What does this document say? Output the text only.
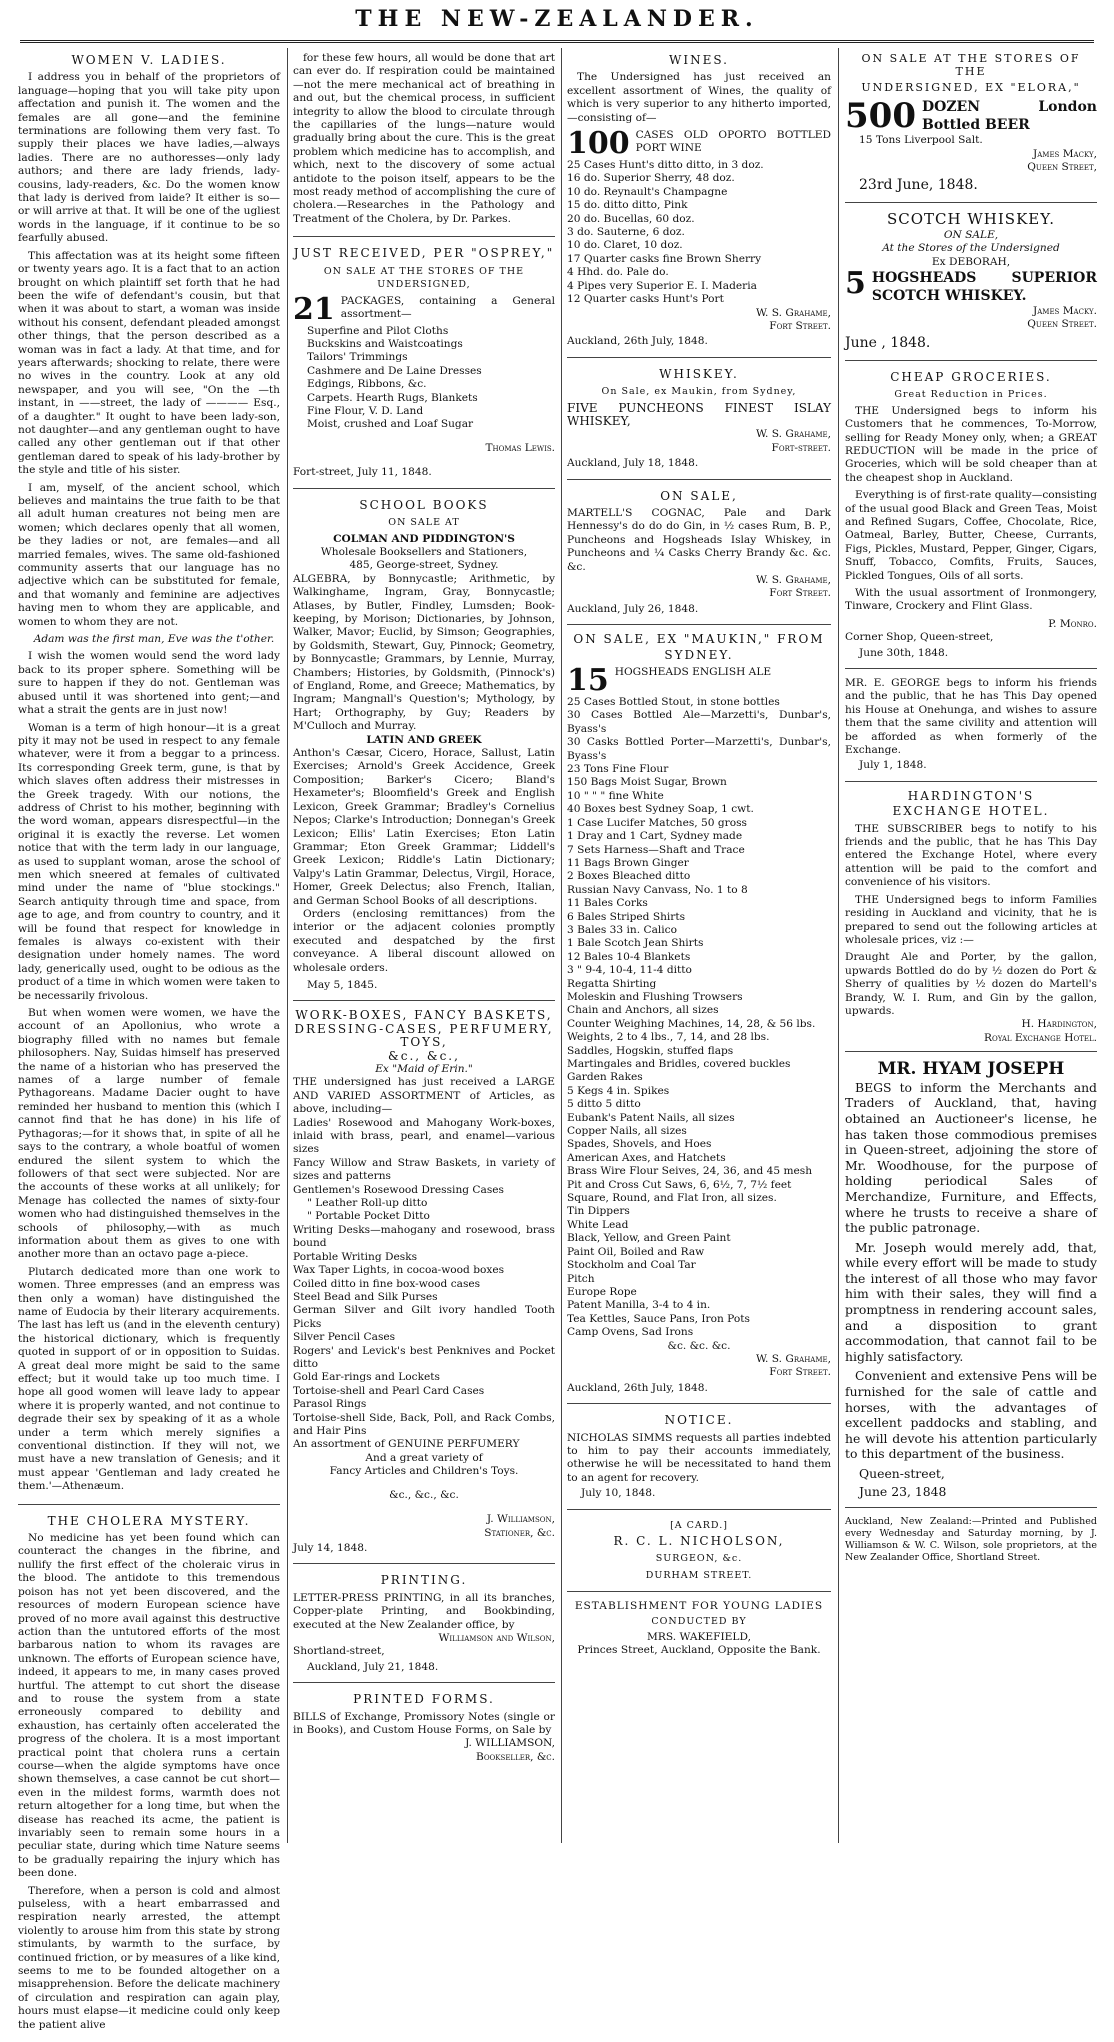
THE NEW-ZEALANDER.
WOMEN V. LADIES.

I address you in behalf of the proprietors of language—hoping that you will take pity upon affectation and punish it. The women and the females are all gone—and the feminine terminations are following them very fast. To supply their places we have ladies,—always ladies. There are no authoresses—only lady authors; and there are lady friends, lady-cousins, lady-readers, &c. Do the women know that lady is derived from laide? It either is so—or will arrive at that. It will be one of the ugliest words in the language, if it continue to be so fearfully abused.

This affectation was at its height some fifteen or twenty years ago. It is a fact that to an action brought on which plaintiff set forth that he had been the wife of defendant's cousin, but that when it was about to start, a woman was inside without his consent, defendant pleaded amongst other things, that the person described as a woman was in fact a lady. At that time, and for years afterwards; shocking to relate, there were no wives in the country. Look at any old newspaper, and you will see, "On the —th instant, in ——street, the lady of ———— Esq., of a daughter." It ought to have been lady-son, not daughter—and any gentleman ought to have called any other gentleman out if that other gentleman dared to speak of his lady-brother by the style and title of his sister.

I am, myself, of the ancient school, which believes and maintains the true faith to be that all adult human creatures not being men are women; which declares openly that all women, be they ladies or not, are females—and all married females, wives. The same old-fashioned community asserts that our language has no adjective which can be substituted for female, and that womanly and feminine are adjectives having men to whom they are applicable, and women to whom they are not.

Adam was the first man, Eve was the t'other.

I wish the women would send the word lady back to its proper sphere. Something will be sure to happen if they do not. Gentleman was abused until it was shortened into gent;—and what a strait the gents are in just now!

Woman is a term of high honour—it is a great pity it may not be used in respect to any female whatever, were it from a beggar to a princess. Its corresponding Greek term, gune, is that by which slaves often address their mistresses in the Greek tragedy. With our notions, the address of Christ to his mother, beginning with the word woman, appears disrespectful—in the original it is exactly the reverse. Let women notice that with the term lady in our language, as used to supplant woman, arose the school of men which sneered at females of cultivated mind under the name of "blue stockings." Search antiquity through time and space, from age to age, and from country to country, and it will be found that respect for knowledge in females is always co-existent with their designation under homely names. The word lady, generically used, ought to be odious as the product of a time in which women were taken to be necessarily frivolous.

But when women were women, we have the account of an Apollonius, who wrote a biography filled with no names but female philosophers. Nay, Suidas himself has preserved the name of a historian who has preserved the names of a large number of female Pythagoreans. Madame Dacier ought to have reminded her husband to mention this (which I cannot find that he has done) in his life of Pythagoras;—for it shows that, in spite of all he says to the contrary, a whole boatful of women endured the silent system to which the followers of that sect were subjected. Nor are the accounts of these works at all unlikely; for Menage has collected the names of sixty-four women who had distinguished themselves in the schools of philosophy,—with as much information about them as gives to one with another more than an octavo page a-piece.

Plutarch dedicated more than one work to women. Three empresses (and an empress was then only a woman) have distinguished the name of Eudocia by their literary acquirements. The last has left us (and in the eleventh century) the historical dictionary, which is frequently quoted in support of or in opposition to Suidas. A great deal more might be said to the same effect; but it would take up too much time. I hope all good women will leave lady to appear where it is properly wanted, and not continue to degrade their sex by speaking of it as a whole under a term which merely signifies a conventional distinction. If they will not, we must have a new translation of Genesis; and it must appear 'Gentleman and lady created he them.'—Athenæum.

THE CHOLERA MYSTERY.

No medicine has yet been found which can counteract the changes in the fibrine, and nullify the first effect of the choleraic virus in the blood. The antidote to this tremendous poison has not yet been discovered, and the resources of modern European science have proved of no more avail against this destructive action than the untutored efforts of the most barbarous nation to whom its ravages are unknown. The efforts of European science have, indeed, it appears to me, in many cases proved hurtful. The attempt to cut short the disease and to rouse the system from a state erroneously compared to debility and exhaustion, has certainly often accelerated the progress of the cholera. It is a most important practical point that cholera runs a certain course—when the algide symptoms have once shown themselves, a case cannot be cut short—even in the mildest forms, warmth does not return altogether for a long time, but when the disease has reached its acme, the patient is invariably seen to remain some hours in a peculiar state, during which time Nature seems to be gradually repairing the injury which has been done.

Therefore, when a person is cold and almost pulseless, with a heart embarrassed and respiration nearly arrested, the attempt violently to arouse him from this state by strong stimulants, by warmth to the surface, by continued friction, or by measures of a like kind, seems to me to be founded altogether on a misapprehension. Before the delicate machinery of circulation and respiration can again play, hours must elapse—it medicine could only keep the patient alive

for these few hours, all would be done that art can ever do. If respiration could be maintained—not the mere mechanical act of breathing in and out, but the chemical process, in sufficient integrity to allow the blood to circulate through the capillaries of the lungs—nature would gradually bring about the cure. This is the great problem which medicine has to accomplish, and which, next to the discovery of some actual antidote to the poison itself, appears to be the most ready method of accomplishing the cure of cholera.—Researches in the Pathology and Treatment of the Cholera, by Dr. Parkes.

JUST RECEIVED, PER "OSPREY,"
ON SALE AT THE STORES OF THE UNDERSIGNED,
21 PACKAGES, containing a General assortment—

Superfine and Pilot Cloths

Buckskins and Waistcoatings

Tailors' Trimmings

Cashmere and De Laine Dresses

Edgings, Ribbons, &c.

Carpets. Hearth Rugs, Blankets

Fine Flour, V. D. Land

Moist, crushed and Loaf Sugar

Thomas Lewis.

Fort-street, July 11, 1848.

SCHOOL BOOKS
ON SALE AT
COLMAN AND PIDDINGTON'S
Wholesale Booksellers and Stationers,
485, George-street, Sydney.

ALGEBRA, by Bonnycastle; Arithmetic, by Walkinghame, Ingram, Gray, Bonnycastle; Atlases, by Butler, Findley, Lumsden; Book-keeping, by Morison; Dictionaries, by Johnson, Walker, Mavor; Euclid, by Simson; Geographies, by Goldsmith, Stewart, Guy, Pinnock; Geometry, by Bonnycastle; Grammars, by Lennie, Murray, Chambers; Histories, by Goldsmith, (Pinnock's) of England, Rome, and Greece; Mathematics, by Ingram; Mangnall's Question's; Mythology, by Hart; Orthography, by Guy; Readers by M'Culloch and Murray.

LATIN AND GREEK

Anthon's Cæsar, Cicero, Horace, Sallust, Latin Exercises; Arnold's Greek Accidence, Greek Composition; Barker's Cicero; Bland's Hexameter's; Bloomfield's Greek and English Lexicon, Greek Grammar; Bradley's Cornelius Nepos; Clarke's Introduction; Donnegan's Greek Lexicon; Ellis' Latin Exercises; Eton Latin Grammar; Eton Greek Grammar; Liddell's Greek Lexicon; Riddle's Latin Dictionary; Valpy's Latin Grammar, Delectus, Virgil, Horace, Homer, Greek Delectus; also French, Italian, and German School Books of all descriptions.

Orders (enclosing remittances) from the interior or the adjacent colonies promptly executed and despatched by the first conveyance. A liberal discount allowed on wholesale orders.

May 5, 1845.

WORK-BOXES, FANCY BASKETS,
DRESSING-CASES, PERFUMERY, TOYS,
&c., &c.,
Ex "Maid of Erin."

THE undersigned has just received a LARGE AND VARIED ASSORTMENT of Articles, as above, including—

Ladies' Rosewood and Mahogany Work-boxes, inlaid with brass, pearl, and enamel—various sizes

Fancy Willow and Straw Baskets, in variety of sizes and patterns

Gentlemen's Rosewood Dressing Cases

" Leather Roll-up ditto

" Portable Pocket Ditto

Writing Desks—mahogany and rosewood, brass bound

Portable Writing Desks

Wax Taper Lights, in cocoa-wood boxes

Coiled ditto in fine box-wood cases

Steel Bead and Silk Purses

German Silver and Gilt ivory handled Tooth Picks

Silver Pencil Cases

Rogers' and Levick's best Penknives and Pocket ditto

Gold Ear-rings and Lockets

Tortoise-shell and Pearl Card Cases

Parasol Rings

Tortoise-shell Side, Back, Poll, and Rack Combs, and Hair Pins

An assortment of GENUINE PERFUMERY

And a great variety of

Fancy Articles and Children's Toys.

&c., &c., &c.

J. Williamson,

Stationer, &c.

July 14, 1848.

PRINTING.

LETTER-PRESS PRINTING, in all its branches, Copper-plate Printing, and Bookbinding, executed at the New Zealander office, by

Williamson and Wilson,

Shortland-street,

Auckland, July 21, 1848.

PRINTED FORMS.

BILLS of Exchange, Promissory Notes (single or in Books), and Custom House Forms, on Sale by

J. WILLIAMSON,

Bookseller, &c.

WINES.

The Undersigned has just received an excellent assortment of Wines, the quality of which is very superior to any hitherto imported,—consisting of—

100 CASES OLD OPORTO BOTTLED PORT WINE

25 Cases Hunt's ditto ditto, in 3 doz.

16 do. Superior Sherry, 48 doz.

10 do. Reynault's Champagne

15 do. ditto ditto, Pink

20 do. Bucellas, 60 doz.

3 do. Sauterne, 6 doz.

10 do. Claret, 10 doz.

17 Quarter casks fine Brown Sherry

4 Hhd. do. Pale do.

4 Pipes very Superior E. I. Maderia

12 Quarter casks Hunt's Port

W. S. Grahame,

Fort Street.

Auckland, 26th July, 1848.

WHISKEY.
On Sale, ex Maukin, from Sydney,

FIVE PUNCHEONS FINEST ISLAY WHISKEY,

W. S. Grahame,

Fort-street.

Auckland, July 18, 1848.

ON SALE,

MARTELL'S COGNAC, Pale and Dark Hennessy's do do do Gin, in ½ cases Rum, B. P., Puncheons and Hogsheads Islay Whiskey, in Puncheons and ¼ Casks Cherry Brandy &c. &c. &c.

W. S. Grahame,

Fort Street.

Auckland, July 26, 1848.

ON SALE, EX "MAUKIN," FROM
SYDNEY.
15 HOGSHEADS ENGLISH ALE

25 Cases Bottled Stout, in stone bottles

30 Cases Bottled Ale—Marzetti's, Dunbar's, Byass's

30 Casks Bottled Porter—Marzetti's, Dunbar's, Byass's

23 Tons Fine Flour

150 Bags Moist Sugar, Brown

10 " " " fine White

40 Boxes best Sydney Soap, 1 cwt.

1 Case Lucifer Matches, 50 gross

1 Dray and 1 Cart, Sydney made

7 Sets Harness—Shaft and Trace

11 Bags Brown Ginger

2 Boxes Bleached ditto

Russian Navy Canvass, No. 1 to 8

11 Bales Corks

6 Bales Striped Shirts

3 Bales 33 in. Calico

1 Bale Scotch Jean Shirts

12 Bales 10-4 Blankets

3 " 9-4, 10-4, 11-4 ditto

Regatta Shirting

Moleskin and Flushing Trowsers

Chain and Anchors, all sizes

Counter Weighing Machines, 14, 28, & 56 lbs.

Weights, 2 to 4 lbs., 7, 14, and 28 lbs.

Saddles, Hogskin, stuffed flaps

Martingales and Bridles, covered buckles

Garden Rakes

5 Kegs 4 in. Spikes

5 ditto 5 ditto

Eubank's Patent Nails, all sizes

Copper Nails, all sizes

Spades, Shovels, and Hoes

American Axes, and Hatchets

Brass Wire Flour Seives, 24, 36, and 45 mesh

Pit and Cross Cut Saws, 6, 6½, 7, 7½ feet

Square, Round, and Flat Iron, all sizes.

Tin Dippers

White Lead

Black, Yellow, and Green Paint

Paint Oil, Boiled and Raw

Stockholm and Coal Tar

Pitch

Europe Rope

Patent Manilla, 3-4 to 4 in.

Tea Kettles, Sauce Pans, Iron Pots

Camp Ovens, Sad Irons

&c. &c. &c.

W. S. Grahame,

Fort Street.

Auckland, 26th July, 1848.

NOTICE.

NICHOLAS SIMMS requests all parties indebted to him to pay their accounts immediately, otherwise he will be necessitated to hand them to an agent for recovery.

July 10, 1848.

[A CARD.]
R. C. L. NICHOLSON,
SURGEON, &c.
DURHAM STREET.
ESTABLISHMENT FOR YOUNG LADIES
CONDUCTED BY
MRS. WAKEFIELD,
Princes Street, Auckland, Opposite the Bank.
ON SALE AT THE STORES OF THE
UNDERSIGNED, EX "ELORA,"
500 DOZEN London Bottled BEER

15 Tons Liverpool Salt.

James Macky,

Queen Street,

23rd June, 1848.

SCOTCH WHISKEY.
ON SALE,
At the Stores of the Undersigned
Ex DEBORAH,
5 HOGSHEADS SUPERIOR SCOTCH WHISKEY.

James Macky.

Queen Street.

June , 1848.

CHEAP GROCERIES.
Great Reduction in Prices.

THE Undersigned begs to inform his Customers that he commences, To-Morrow, selling for Ready Money only, when; a GREAT REDUCTION will be made in the price of Groceries, which will be sold cheaper than at the cheapest shop in Auckland.

Everything is of first-rate quality—consisting of the usual good Black and Green Teas, Moist and Refined Sugars, Coffee, Chocolate, Rice, Oatmeal, Barley, Butter, Cheese, Currants, Figs, Pickles, Mustard, Pepper, Ginger, Cigars, Snuff, Tobacco, Comfits, Fruits, Sauces, Pickled Tongues, Oils of all sorts.

With the usual assortment of Ironmongery, Tinware, Crockery and Flint Glass.

P. Monro.

Corner Shop, Queen-street,

June 30th, 1848.

MR. E. GEORGE begs to inform his friends and the public, that he has This Day opened his House at Onehunga, and wishes to assure them that the same civility and attention will be afforded as when formerly of the Exchange.

July 1, 1848.

HARDINGTON'S
EXCHANGE HOTEL.

THE SUBSCRIBER begs to notify to his friends and the public, that he has This Day entered the Exchange Hotel, where every attention will be paid to the comfort and convenience of his visitors.

THE Undersigned begs to inform Families residing in Auckland and vicinity, that he is prepared to send out the following articles at wholesale prices, viz :—

Draught Ale and Porter, by the gallon, upwards Bottled do do by ½ dozen do Port & Sherry of qualities by ½ dozen do Martell's Brandy, W. I. Rum, and Gin by the gallon, upwards.

H. Hardington,

Royal Exchange Hotel.

MR. HYAM JOSEPH

BEGS to inform the Merchants and Traders of Auckland, that, having obtained an Auctioneer's license, he has taken those commodious premises in Queen-street, adjoining the store of Mr. Woodhouse, for the purpose of holding periodical Sales of Merchandize, Furniture, and Effects, where he trusts to receive a share of the public patronage.

Mr. Joseph would merely add, that, while every effort will be made to study the interest of all those who may favor him with their sales, they will find a promptness in rendering account sales, and a disposition to grant accommodation, that cannot fail to be highly satisfactory.

Convenient and extensive Pens will be furnished for the sale of cattle and horses, with the advantages of excellent paddocks and stabling, and he will devote his attention particularly to this department of the business.

Queen-street,

June 23, 1848

Auckland, New Zealand:—Printed and Published every Wednesday and Saturday morning, by J. Williamson & W. C. Wilson, sole proprietors, at the New Zealander Office, Shortland Street.
